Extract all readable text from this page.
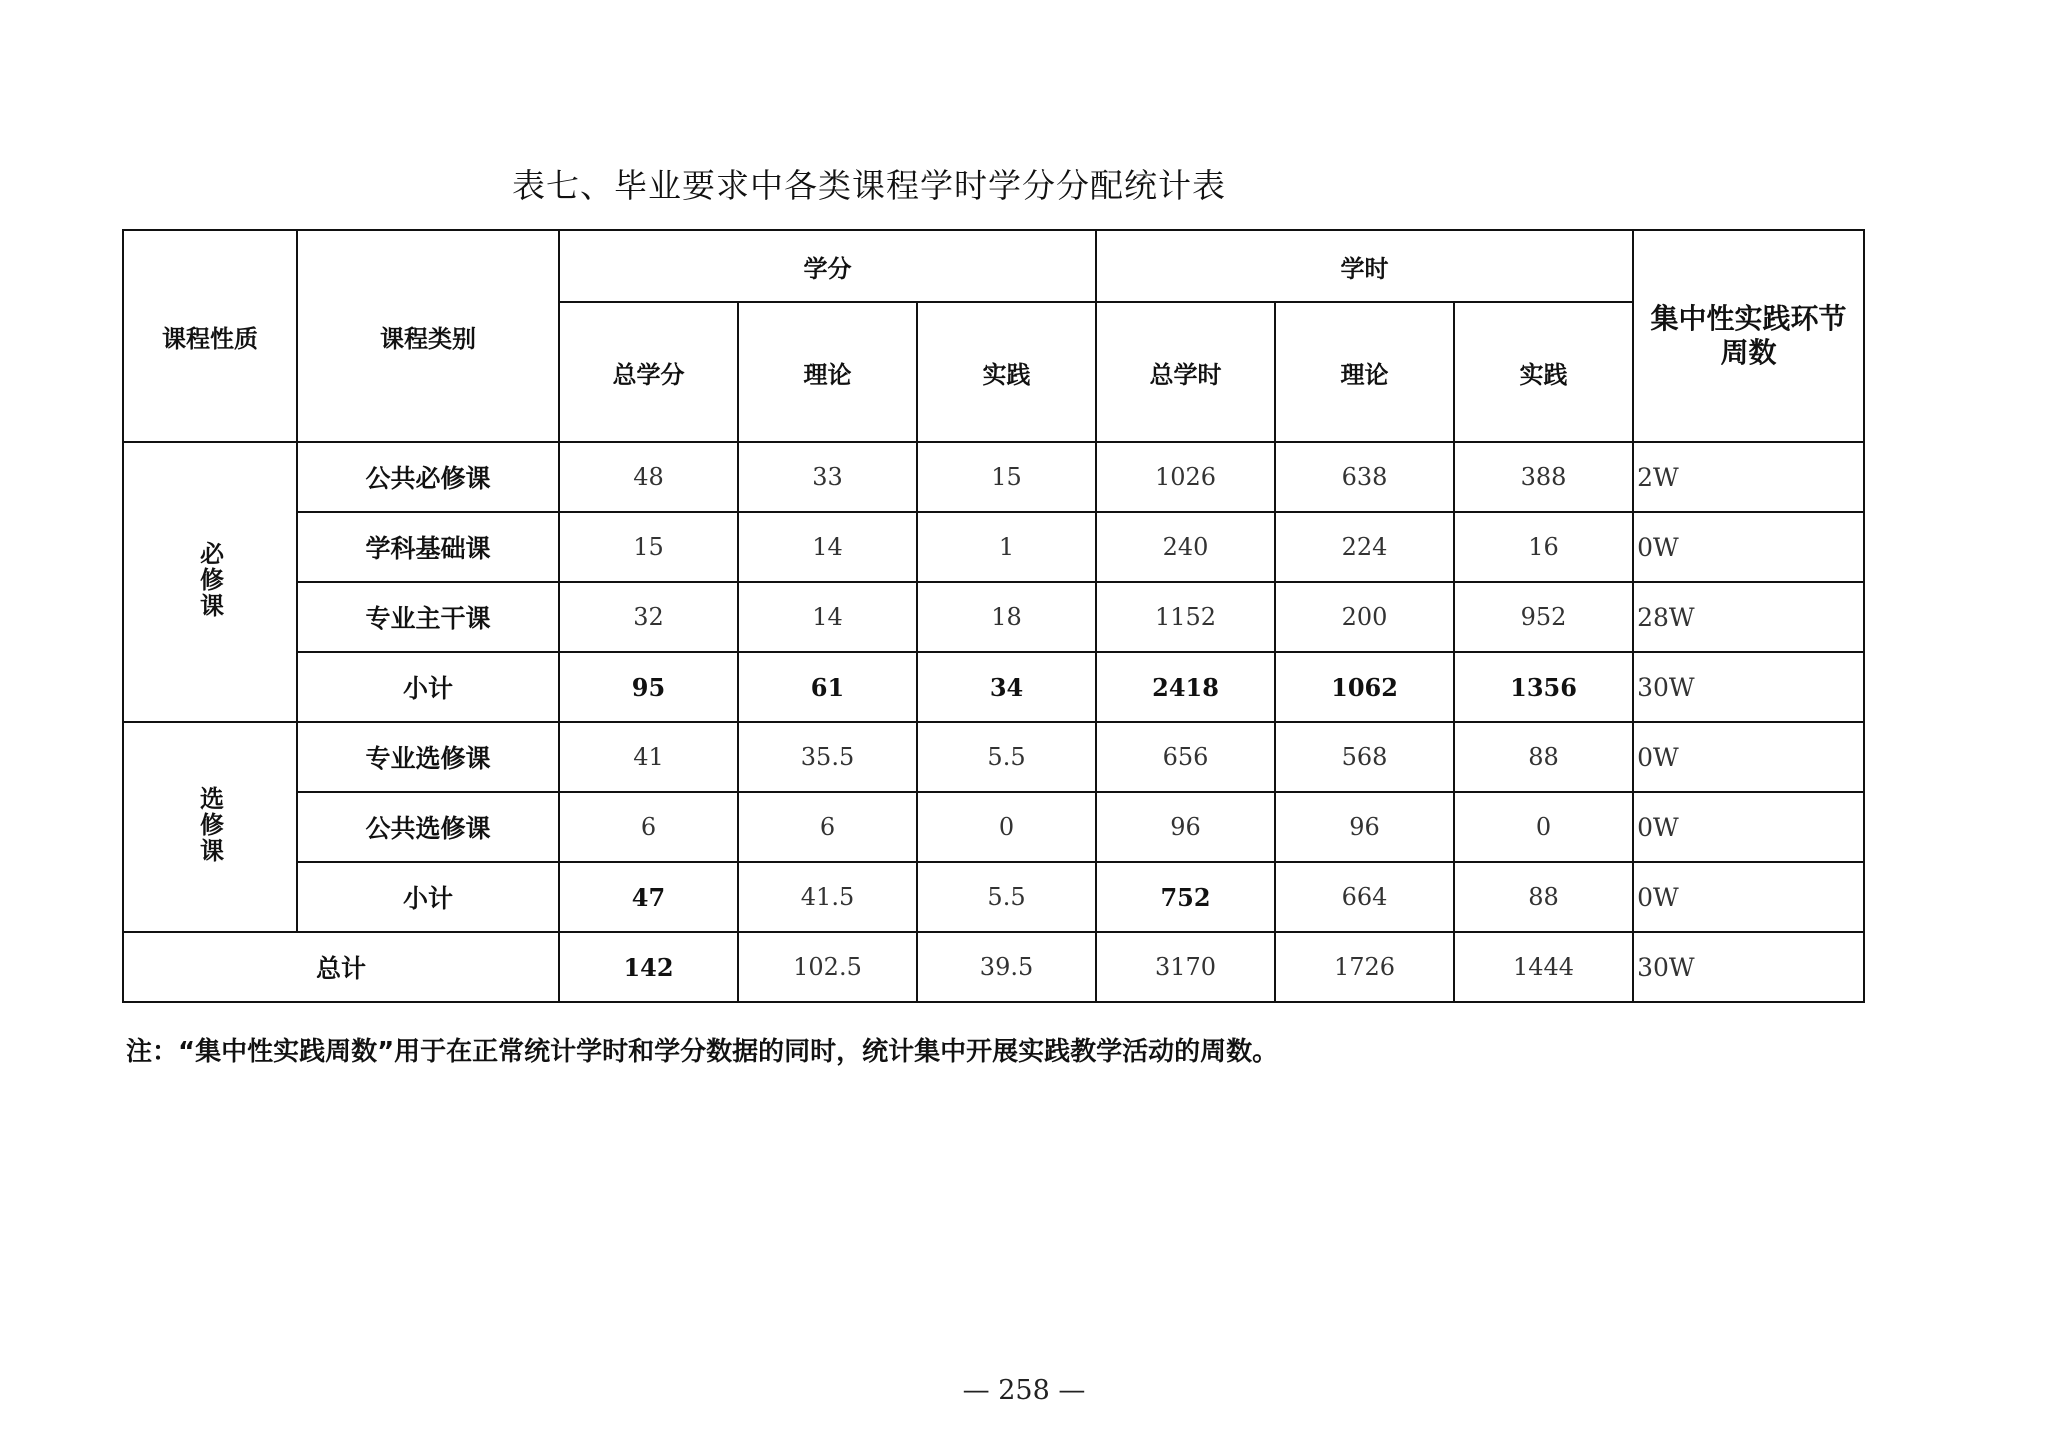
表七、毕业要求中各类课程学时学分分配统计表
课程性质	课程类别	学分			学时			集中性实践环节
周数
		总学分	理论	实践	总学时	理论	实践	
必修课	公共必修课	48	33	15	1026	638	388	2W
	学科基础课	15	14	1	240	224	16	0W
	专业主干课	32	14	18	1152	200	952	28W
	小计	95	61	34	2418	1062	1356	30W
选修课	专业选修课	41	35.5	5.5	656	568	88	0W
	公共选修课	6	6	0	96	96	0	0W
	小计	47	41.5	5.5	752	664	88	0W
总计		142	102.5	39.5	3170	1726	1444	30W
注：“集中性实践周数”用于在正常统计学时和学分数据的同时，统计集中开展实践教学活动的周数。
— 258 —
